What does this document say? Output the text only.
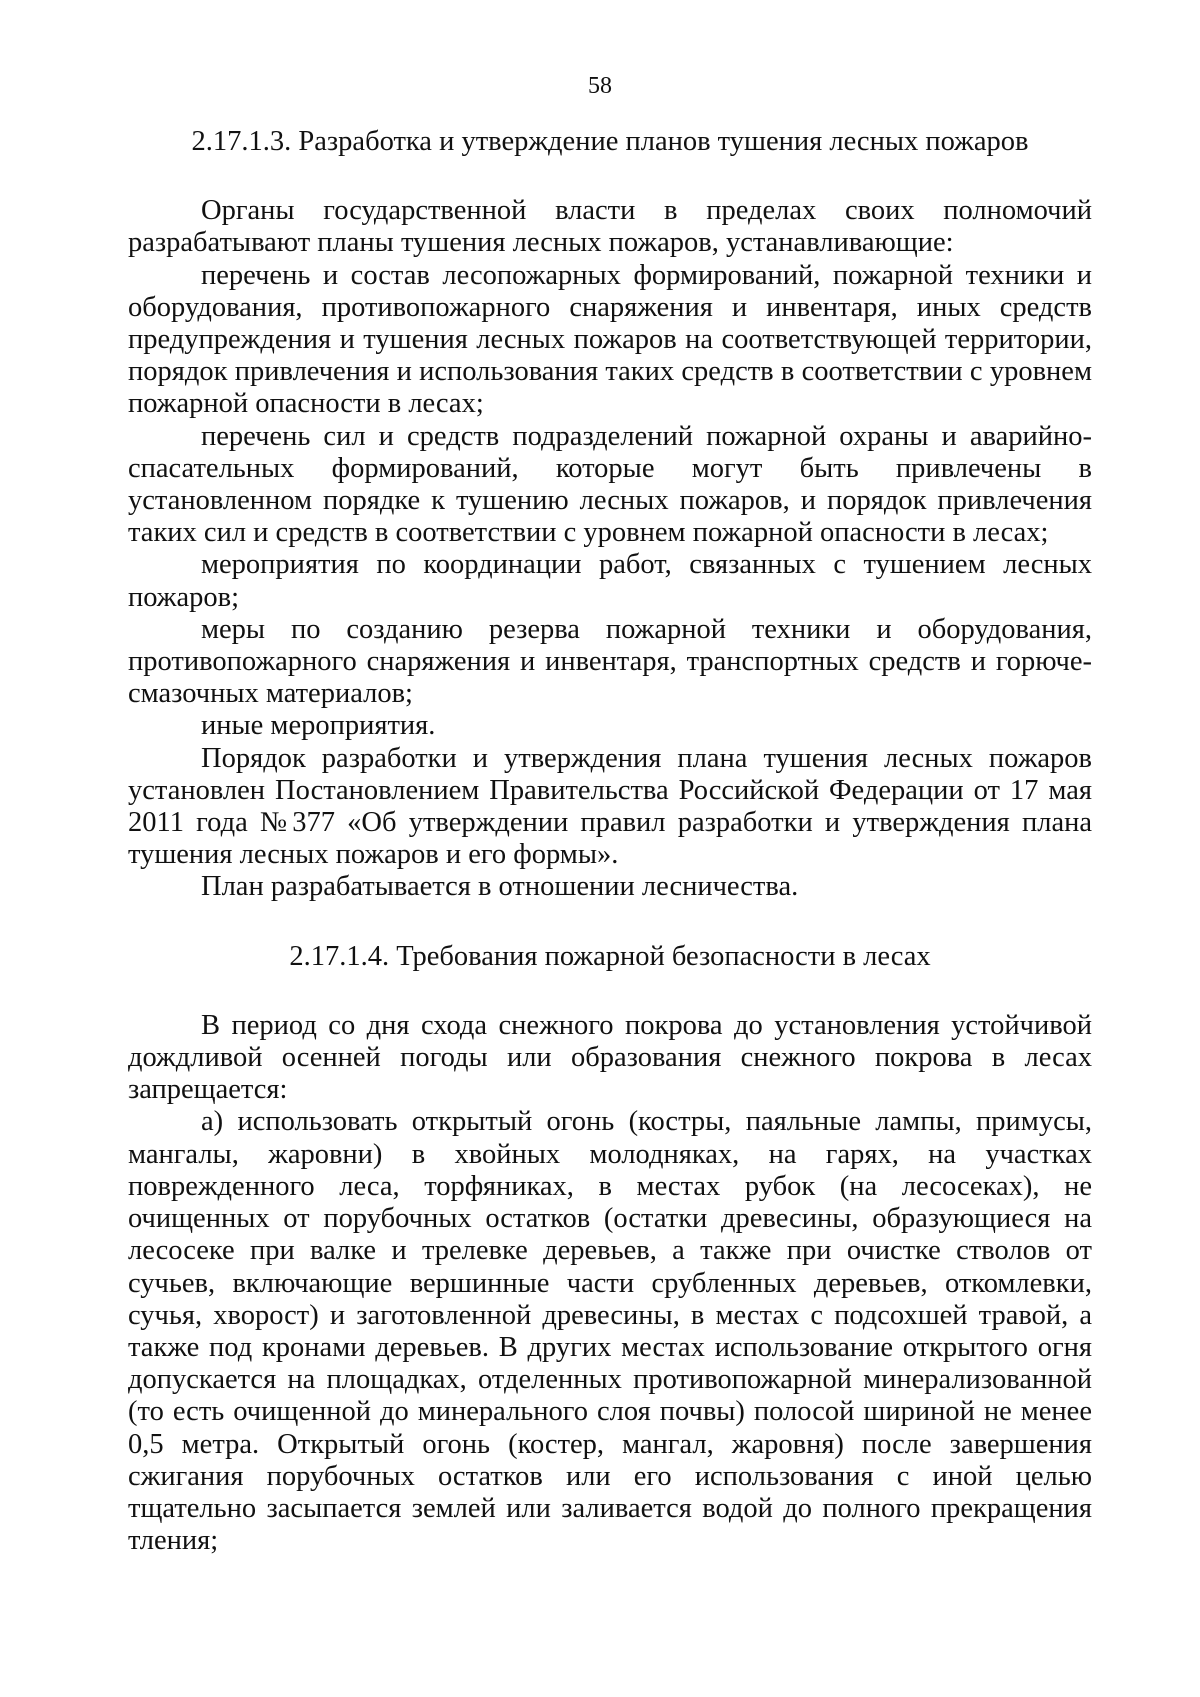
58

2.17.1.3. Разработка и утверждение планов тушения лесных пожаров

Органы государственной власти в пределах своих полномочий разрабатывают планы тушения лесных пожаров, устанавливающие:

перечень и состав лесопожарных формирований, пожарной техники и оборудования, противопожарного снаряжения и инвентаря, иных средств предупреждения и тушения лесных пожаров на соответствующей территории, порядок привлечения и использования таких средств в соответствии с уровнем пожарной опасности в лесах;

перечень сил и средств подразделений пожарной охраны и аварийно-спасательных формирований, которые могут быть привлечены в установленном порядке к тушению лесных пожаров, и порядок привлечения таких сил и средств в соответствии с уровнем пожарной опасности в лесах;

мероприятия по координации работ, связанных с тушением лесных пожаров;

меры по созданию резерва пожарной техники и оборудования, противопожарного снаряжения и инвентаря, транспортных средств и горюче-смазочных материалов;

иные мероприятия.

Порядок разработки и утверждения плана тушения лесных пожаров установлен Постановлением Правительства Российской Федерации от 17 мая 2011 года №377 «Об утверждении правил разработки и утверждения плана тушения лесных пожаров и его формы».

План разрабатывается в отношении лесничества.

2.17.1.4. Требования пожарной безопасности в лесах

В период со дня схода снежного покрова до установления устойчивой дождливой осенней погоды или образования снежного покрова в лесах запрещается:

а) использовать открытый огонь (костры, паяльные лампы, примусы, мангалы, жаровни) в хвойных молодняках, на гарях, на участках поврежденного леса, торфяниках, в местах рубок (на лесосеках), не очищенных от порубочных остатков (остатки древесины, образующиеся на лесосеке при валке и трелевке деревьев, а также при очистке стволов от сучьев, включающие вершинные части срубленных деревьев, откомлевки, сучья, хворост) и заготовленной древесины, в местах с подсохшей травой, а также под кронами деревьев. В других местах использование открытого огня допускается на площадках, отделенных противопожарной минерализованной (то есть очищенной до минерального слоя почвы) полосой шириной не менее 0,5 метра. Открытый огонь (костер, мангал, жаровня) после завершения сжигания порубочных остатков или его использования с иной целью тщательно засыпается землей или заливается водой до полного прекращения тления;
